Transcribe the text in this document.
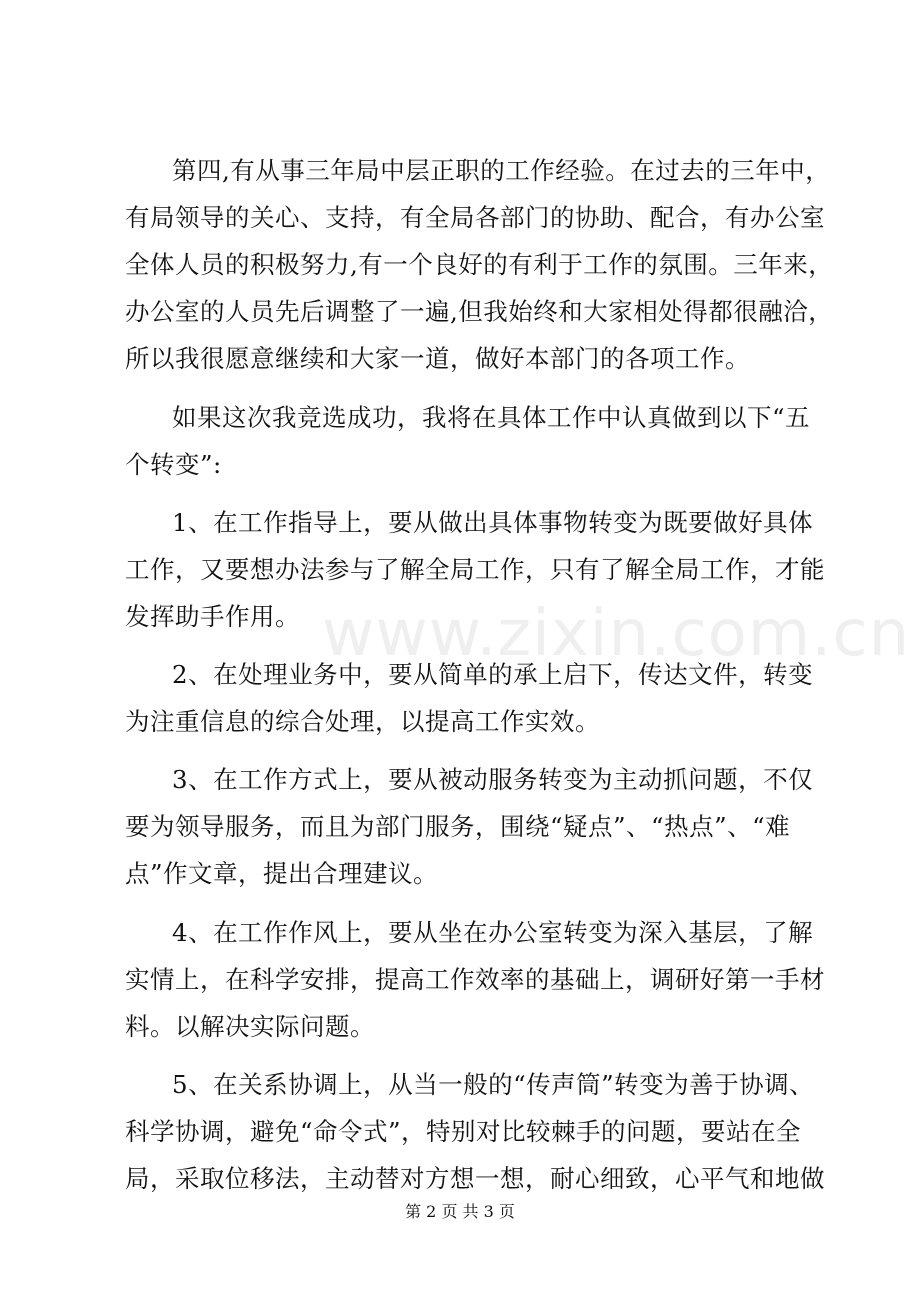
www.zixin.com.cn
第四,有从事三年局中层正职的工作经验。在过去的三年中，
有局领导的关心、支持，有全局各部门的协助、配合，有办公室
全体人员的积极努力,有一个良好的有利于工作的氛围。三年来，
办公室的人员先后调整了一遍,但我始终和大家相处得都很融洽，
所以我很愿意继续和大家一道，做好本部门的各项工作。
如果这次我竞选成功，我将在具体工作中认真做到以下“五
个转变”:
1、在工作指导上，要从做出具体事物转变为既要做好具体
工作，又要想办法参与了解全局工作，只有了解全局工作，才能
发挥助手作用。
2、在处理业务中，要从简单的承上启下，传达文件，转变
为注重信息的综合处理，以提高工作实效。
3、在工作方式上，要从被动服务转变为主动抓问题，不仅
要为领导服务，而且为部门服务，围绕“疑点”、“热点”、“难
点”作文章，提出合理建议。
4、在工作作风上，要从坐在办公室转变为深入基层，了解
实情上，在科学安排，提高工作效率的基础上，调研好第一手材
料。以解决实际问题。
5、在关系协调上，从当一般的“传声筒”转变为善于协调、
科学协调，避免“命令式”，特别对比较棘手的问题，要站在全
局，采取位移法，主动替对方想一想，耐心细致，心平气和地做
第 2 页 共 3 页
